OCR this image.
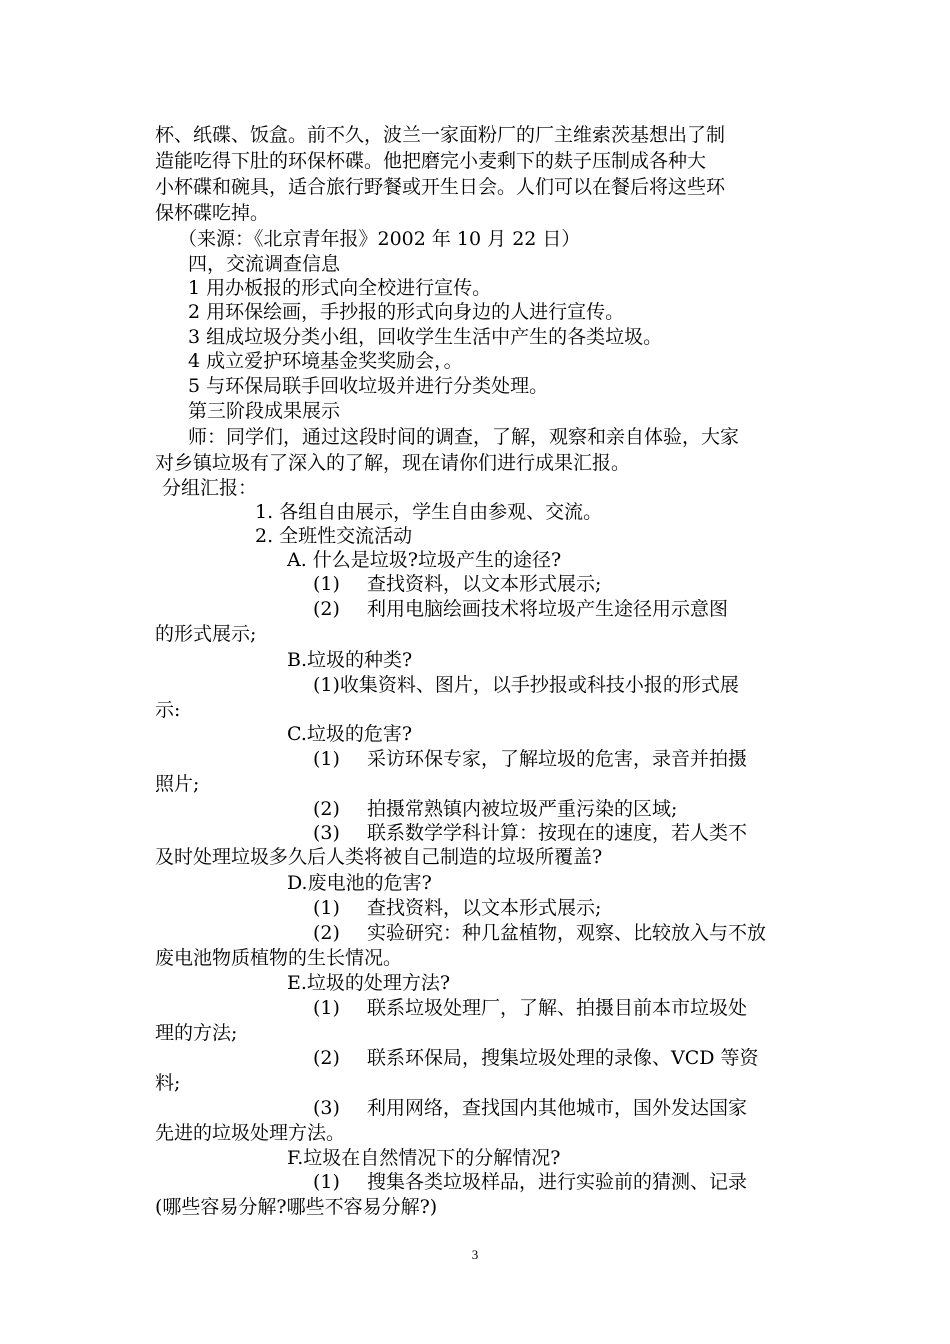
杯、纸碟、饭盒。前不久，波兰一家面粉厂的厂主维索茨基想出了制
造能吃得下肚的环保杯碟。他把磨完小麦剩下的麸子压制成各种大
小杯碟和碗具，适合旅行野餐或开生日会。人们可以在餐后将这些环
保杯碟吃掉。
（来源：《北京青年报》2002 年 10 月 22 日）
四，交流调查信息
1 用办板报的形式向全校进行宣传。
2 用环保绘画，手抄报的形式向身边的人进行宣传。
3 组成垃圾分类小组，回收学生生活中产生的各类垃圾。
4 成立爱护环境基金奖奖励会，。
5 与环保局联手回收垃圾并进行分类处理。
第三阶段成果展示
师：同学们，通过这段时间的调查，了解，观察和亲自体验，大家
对乡镇垃圾有了深入的了解，现在请你们进行成果汇报。
分组汇报：
1. 各组自由展示，学生自由参观、交流。
2. 全班性交流活动
A. 什么是垃圾?垃圾产生的途径?
(1) 查找资料，以文本形式展示;
(2) 利用电脑绘画技术将垃圾产生途径用示意图
的形式展示;
B.垃圾的种类?
(1)收集资料、图片，以手抄报或科技小报的形式展
示:
C.垃圾的危害?
(1) 采访环保专家，了解垃圾的危害，录音并拍摄
照片;
(2) 拍摄常熟镇内被垃圾严重污染的区域;
(3) 联系数学学科计算：按现在的速度，若人类不
及时处理垃圾多久后人类将被自己制造的垃圾所覆盖?
D.废电池的危害?
(1) 查找资料，以文本形式展示;
(2) 实验研究：种几盆植物，观察、比较放入与不放
废电池物质植物的生长情况。
E.垃圾的处理方法?
(1) 联系垃圾处理厂，了解、拍摄目前本市垃圾处
理的方法;
(2) 联系环保局，搜集垃圾处理的录像、VCD 等资
料;
(3) 利用网络，查找国内其他城市，国外发达国家
先进的垃圾处理方法。
F.垃圾在自然情况下的分解情况?
(1) 搜集各类垃圾样品，进行实验前的猜测、记录
(哪些容易分解?哪些不容易分解?)
3
